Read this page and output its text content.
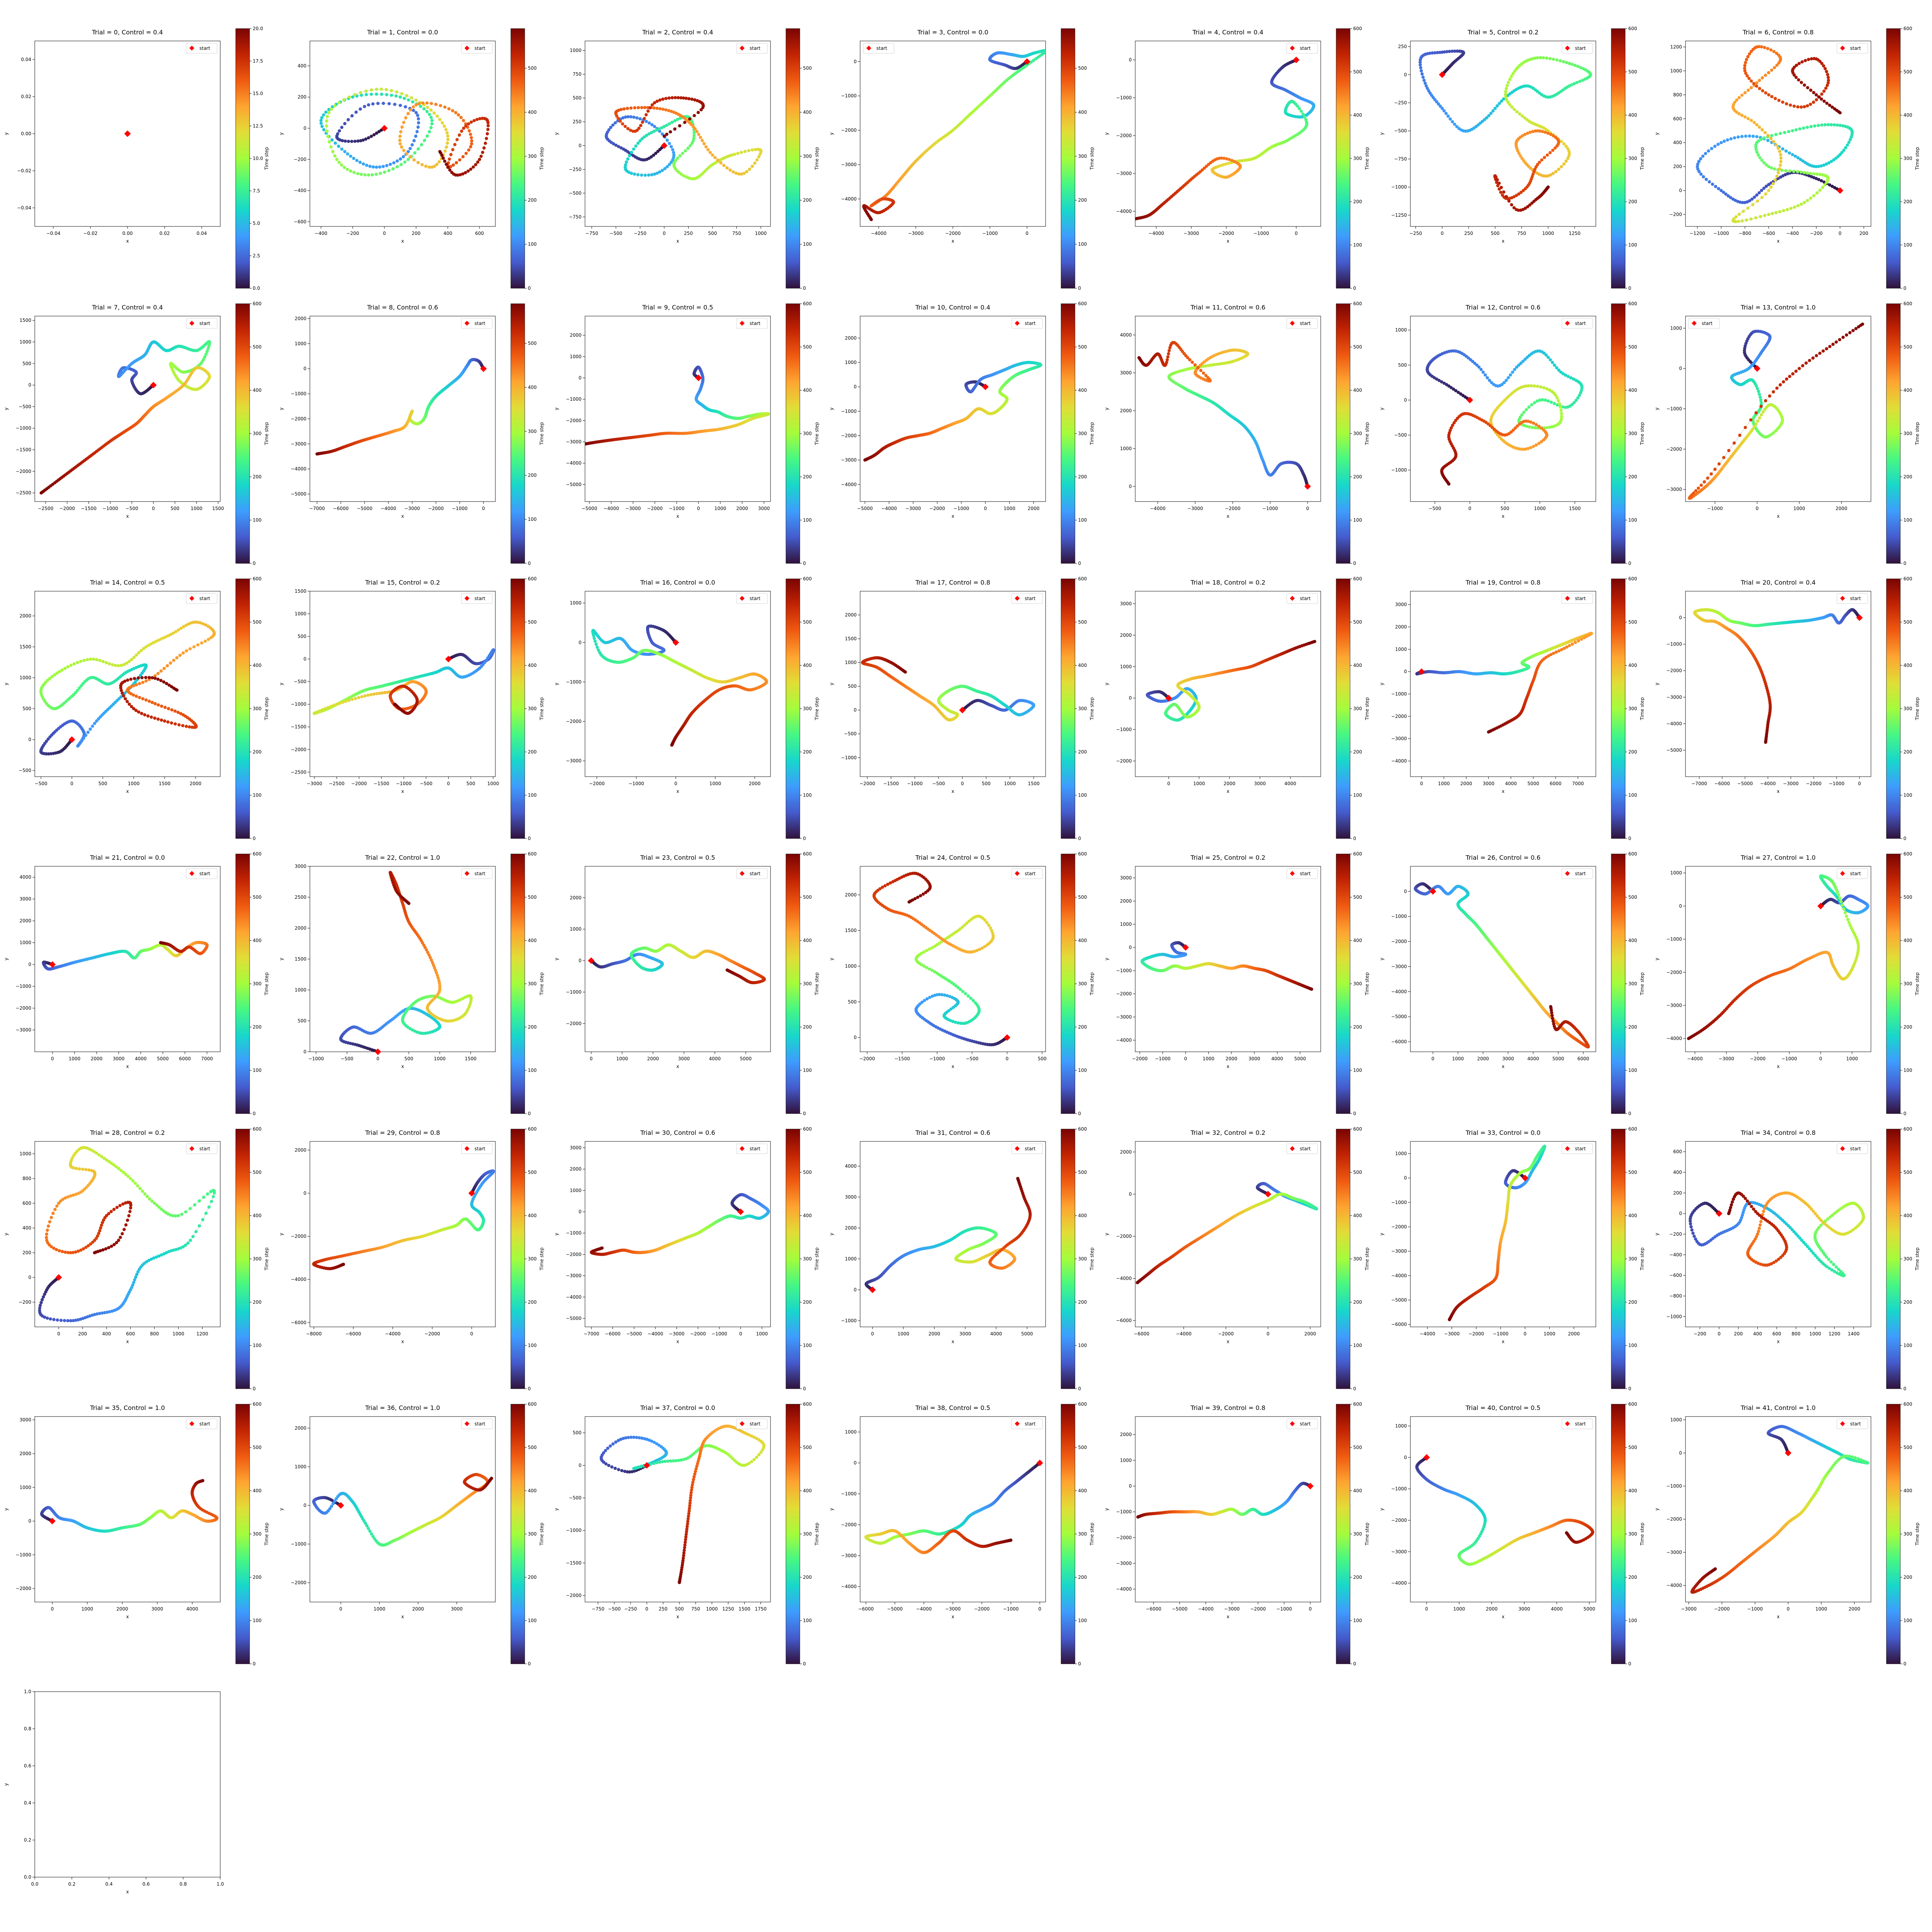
Trial = 0, Control = 0.4
−0.04	−0.02	0.00	0.02	0.04
−0.04
−0.02
0.00
0.02
0.04
x
y
start
0.0
2.5
5.0
7.5
10.0
12.5
15.0
17.5
20.0
Time step
Trial = 1, Control = 0.0
−400	−200	0	200	400	600
−600
−400
−200
0
200
400
x
y
start
0
100
200
300
400
500
Time step
Trial = 2, Control = 0.4
−750 −500 −250	0	250	500	750	1000
−750
−500
−250
0
250
500
750
1000
x
y
start
0
100
200
300
400
500
Time step
Trial = 3, Control = 0.0
−4000	−3000	−2000	−1000	0
−4000
−3000
−2000
−1000
0
x
y
start
0
100
200
300
400
500
Time step
Trial = 4, Control = 0.4
−4000	−3000	−2000	−1000	0
−4000
−3000
−2000
−1000
0
x
y
start
0
100
200
300
400
500
600
Time step
Trial = 5, Control = 0.2
−250	0	250	500	750	1000	1250
−1250
−1000
−750
−500
−250
0
250
x
y
start
0
100
200
300
400
500
600
Time step
Trial = 6, Control = 0.8
−1200 −1000 −800 −600 −400 −200	0	200
−200
0
200
400
600
800
1000
1200
x
y
start
0
100
200
300
400
500
600
Time step
Trial = 7, Control = 0.4
−2500 −2000 −1500 −1000 −500	0	500 1000 1500
−2500
−2000
−1500
−1000
−500
0
500
1000
1500
x
y
start
0
100
200
300
400
500
600
Time step
Trial = 8, Control = 0.6
−7000 −6000 −5000 −4000 −3000 −2000 −1000	0
−5000
−4000
−3000
−2000
−1000
0
1000
2000
x
y
start
0
100
200
300
400
500
Time step
Trial = 9, Control = 0.5
−5000 −4000 −3000 −2000 −1000	0	1000 2000 3000
−5000
−4000
−3000
−2000
−1000
0
1000
2000
x
y
start
0
100
200
300
400
500
600
Time step
Trial = 10, Control = 0.4
−5000 −4000 −3000 −2000 −1000	0	1000	2000
−4000
−3000
−2000
−1000
0
1000
2000
x
y
start
0
100
200
300
400
500
600
Time step
Trial = 11, Control = 0.6
−4000	−3000	−2000	−1000	0
0
1000
2000
3000
4000
x
y
start
0
100
200
300
400
500
600
Time step
Trial = 12, Control = 0.6
−500	0	500	1000	1500
−1000
−500
0
500
1000
x
y
start
0
100
200
300
400
500
600
Time step
Trial = 13, Control = 1.0
−1000	0	1000	2000
−3000
−2000
−1000
0
1000
x
y
start
0
100
200
300
400
500
600
Time step
Trial = 14, Control = 0.5
−500	0	500	1000	1500	2000
−500
0
500
1000
1500
2000
x
y
start
0
100
200
300
400
500
600
Time step
Trial = 15, Control = 0.2
−3000 −2500 −2000 −1500 −1000 −500	0	500	1000
−2500
−2000
−1500
−1000
−500
0
500
1000
1500
x
y
start
0
100
200
300
400
500
600
Time step
Trial = 16, Control = 0.0
−2000	−1000	0	1000	2000
−3000
−2000
−1000
0
1000
x
y
start
0
100
200
300
400
500
600
Time step
Trial = 17, Control = 0.8
−2000 −1500 −1000 −500	0	500	1000	1500
−1000
−500
0
500
1000
1500
2000
x
y
start
0
100
200
300
400
500
600
Time step
Trial = 18, Control = 0.2
0	1000	2000	3000	4000
−2000
−1000
0
1000
2000
3000
x
y
start
0
100
200
300
400
500
600
Time step
Trial = 19, Control = 0.8
0	1000 2000 3000 4000 5000 6000 7000
−4000
−3000
−2000
−1000
0
1000
2000
3000
x
y
start
0
100
200
300
400
500
600
Time step
Trial = 20, Control = 0.4
−7000 −6000 −5000 −4000 −3000 −2000 −1000	0
−5000
−4000
−3000
−2000
−1000
0
x
y
start
0
100
200
300
400
500
600
Time step
Trial = 21, Control = 0.0
0	1000 2000 3000 4000 5000 6000 7000
−3000
−2000
−1000
0
1000
2000
3000
4000
x
y
start
0
100
200
300
400
500
600
Time step
Trial = 22, Control = 1.0
−1000	−500	0	500	1000	1500
0
500
1000
1500
2000
2500
3000
x
y
start
0
100
200
300
400
500
600
Time step
Trial = 23, Control = 0.5
0	1000	2000	3000	4000	5000
−2000
−1000
0
1000
2000
x
y
start
0
100
200
300
400
500
600
Time step
Trial = 24, Control = 0.5
−2000	−1500	−1000	−500	0	500
0
500
1000
1500
2000
x
y
start
0
100
200
300
400
500
600
Time step
Trial = 25, Control = 0.2
−2000 −1000	0	1000 2000 3000 4000 5000
−4000
−3000
−2000
−1000
0
1000
2000
3000
x
y
start
0
100
200
300
400
500
600
Time step
Trial = 26, Control = 0.6
0	1000	2000	3000	4000	5000	6000
−6000
−5000
−4000
−3000
−2000
−1000
0
x
y
start
0
100
200
300
400
500
600
Time step
Trial = 27, Control = 1.0
−4000	−3000	−2000	−1000	0	1000
−4000
−3000
−2000
−1000
0
1000
x
y
start
0
100
200
300
400
500
600
Time step
Trial = 28, Control = 0.2
0	200	400	600	800	1000	1200
−200
0
200
400
600
800
1000
x
y
start
0
100
200
300
400
500
600
Time step
Trial = 29, Control = 0.8
−8000	−6000	−4000	−2000	0
−6000
−4000
−2000
0
2000
x
y
start
0
100
200
300
400
500
600
Time step
Trial = 30, Control = 0.6
−7000 −6000 −5000 −4000 −3000 −2000 −1000	0	1000
−5000
−4000
−3000
−2000
−1000
0
1000
2000
3000
x
y
start
0
100
200
300
400
500
600
Time step
Trial = 31, Control = 0.6
0	1000	2000	3000	4000	5000
−1000
0
1000
2000
3000
4000
x
y
start
0
100
200
300
400
500
600
Time step
Trial = 32, Control = 0.2
−6000	−4000	−2000	0	2000
−6000
−4000
−2000
0
2000
x
y
start
0
100
200
300
400
500
600
Time step
Trial = 33, Control = 0.0
−4000 −3000 −2000 −1000	0	1000	2000
−6000
−5000
−4000
−3000
−2000
−1000
0
1000
x
y
start
0
100
200
300
400
500
600
Time step
Trial = 34, Control = 0.8
−200 0	200 400 600 800 1000 1200 1400
−1000
−800
−600
−400
−200
0
200
400
600
x
y
start
0
100
200
300
400
500
600
Time step
Trial = 35, Control = 1.0
0	1000	2000	3000	4000
−2000
−1000
0
1000
2000
3000
x
y
start
0
100
200
300
400
500
600
Time step
Trial = 36, Control = 1.0
0	1000	2000	3000
−2000
−1000
0
1000
2000
x
y
start
0
100
200
300
400
500
600
Time step
Trial = 37, Control = 0.0
−750 −500 −250 0 250 500 750 1000 1250 1500 1750
−2000
−1500
−1000
−500
0
500
x
y
start
0
100
200
300
400
500
600
Time step
Trial = 38, Control = 0.5
−6000	−5000	−4000	−3000	−2000	−1000	0
−4000
−3000
−2000
−1000
0
1000
x
y
start
0
100
200
300
400
500
600
Time step
Trial = 39, Control = 0.8
−6000 −5000 −4000 −3000 −2000 −1000	0
−4000
−3000
−2000
−1000
0
1000
2000
x
y
start
0
100
200
300
400
500
600
Time step
Trial = 40, Control = 0.5
0	1000	2000	3000	4000	5000
−4000
−3000
−2000
−1000
0
1000
x
y
start
0
100
200
300
400
500
600
Time step
Trial = 41, Control = 1.0
−3000	−2000	−1000	0	1000	2000
−4000
−3000
−2000
−1000
0
1000
x
y
start
0
100
200
300
400
500
600
Time step
0.0	0.2	0.4	0.6	0.8	1.0
0.0
0.2
0.4
0.6
0.8
1.0
x
y
